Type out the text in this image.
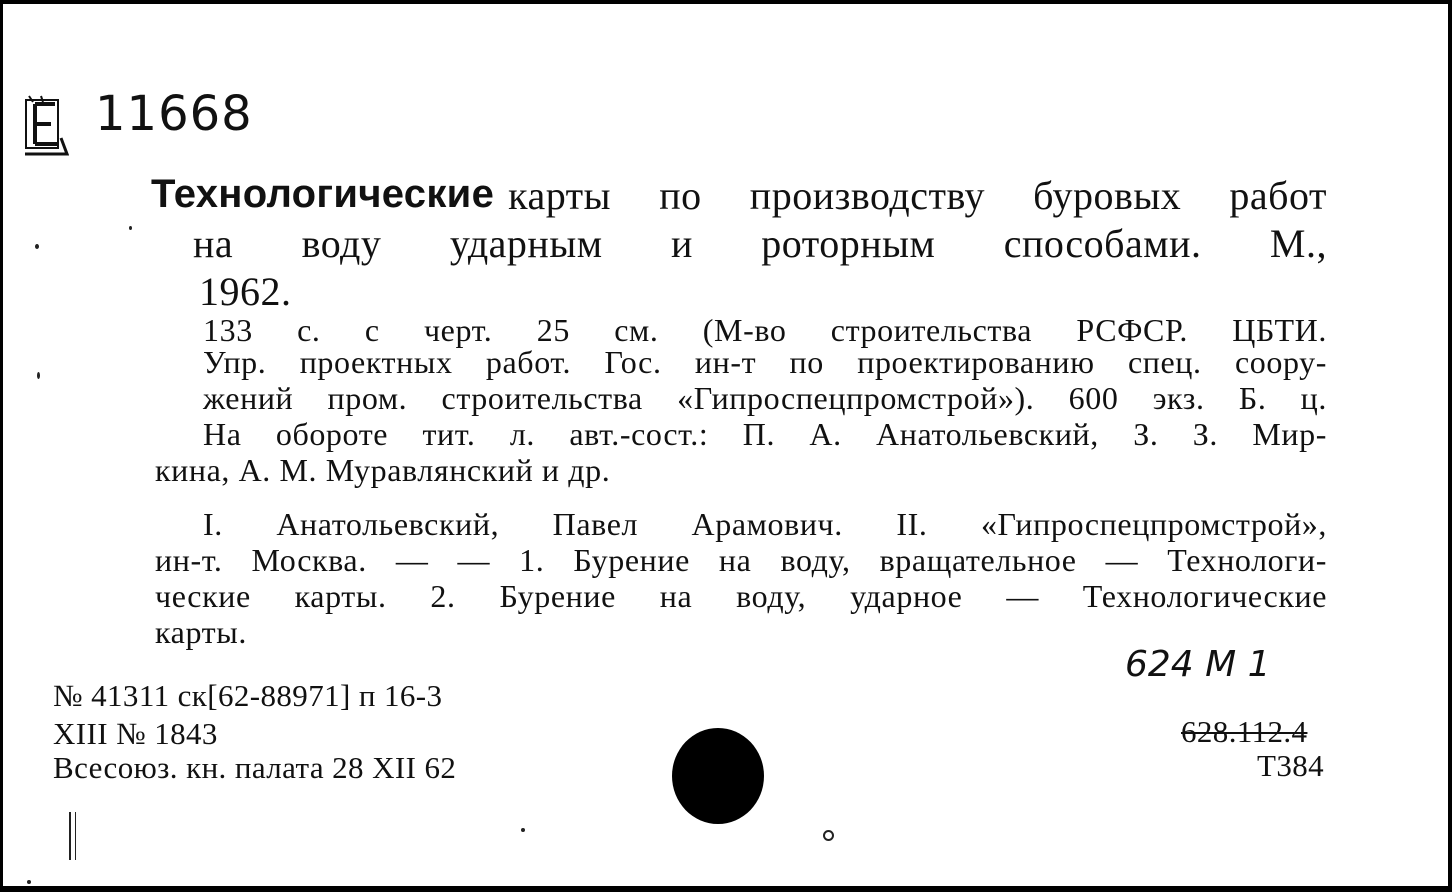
11668
Технологические карты по производству буровых работ
на воду ударным и роторным способами. М.,
1962.
133 с. с черт. 25 см. (М-во строительства РСФСР. ЦБТИ.
Упр. проектных работ. Гос. ин-т по проектированию спец. соору-
жений пром. строительства «Гипроспецпромстрой»). 600 экз. Б. ц.
На обороте тит. л. авт.-сост.: П. А. Анатольевский, З. З. Мир-
кина, А. М. Муравлянский и др.
I. Анатольевский, Павел Арамович. II. «Гипроспецпромстрой»,
ин-т. Москва. — — 1. Бурение на воду, вращательное — Технологи-
ческие карты. 2. Бурение на воду, ударное — Технологические
карты.
№ 41311 ск[62-88971] п 16-3
XIII № 1843
Всесоюз. кн. палата 28 XII 62
624 M 1
628.112.4
Т384
